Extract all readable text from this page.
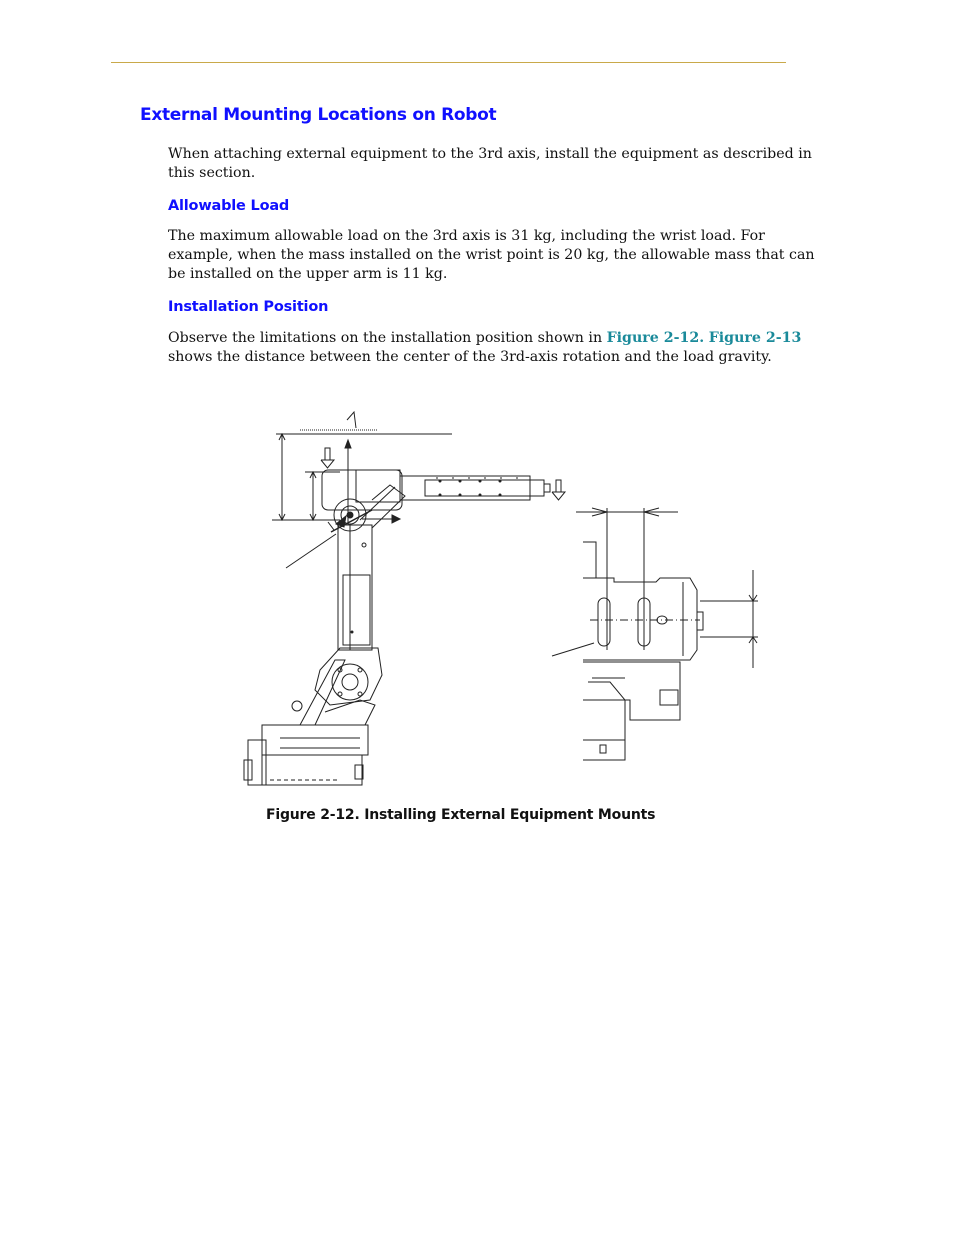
External Mounting Locations on Robot

When attaching external equipment to the 3rd axis, install the equipment as described in
this section.

Allowable Load

The maximum allowable load on the 3rd axis is 31 kg, including the wrist load. For
example, when the mass installed on the wrist point is 20 kg, the allowable mass that can
be installed on the upper arm is 11 kg.

Installation Position

Observe the limitations on the installation position shown in Figure 2-12. Figure 2-13
shows the distance between the center of the 3rd-axis rotation and the load gravity.

Figure 2-12. Installing External Equipment Mounts
